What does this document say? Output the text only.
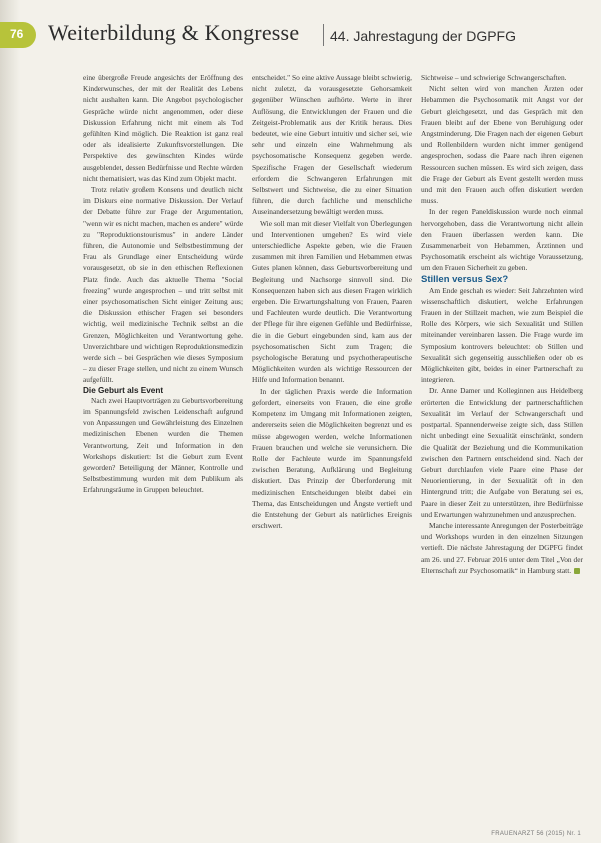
76 Weiterbildung & Kongresse 44. Jahrestagung der DGPFG

eine übergroße Freude angesichts der Eröffnung des Kinderwunsches, der mit der Realität des Lebens nicht aushalten kann. Die Angebot psychologischer Gespräche würde nicht angenommen, oder diese Diskussion Erfahrung nicht mit einem als Tod gefühlten Kind möglich. Die Reaktion ist ganz real oder als idealisierte Zukunftsvorstellungen. Die Perspektive des gewünschten Kindes würde ausgeblendet, dessen Bedürfnisse und Rechte würden nicht thematisiert, was das Kind zum Objekt macht.

Trotz relativ großem Konsens und deutlich nicht im Diskurs eine normative Diskussion. Der Verlauf der Debatte führe zur Frage der Argumentation, "wenn wir es nicht machen, machen es andere" würde zu "Reproduktionstourismus" in andere Länder führen, die Autonomie und Selbstbestimmung der Frau als Grundlage einer Entscheidung würde vorausgesetzt, ob sie in den ethischen Reflexionen Platz finde. Auch das aktuelle Thema "Social freezing" wurde angesprochen – und tritt selbst mit einer psychosomatischen Sicht einiger Zeitung aus; die Diskussion ethischer Fragen sei besonders wichtig, weil medizinische Technik selbst an die Grenzen, Möglichkeiten und Verantwortung gehe. Unverzichtbare und wichtigen Reproduktionsmedizin werde sich – bei Gesprächen wie dieses Symposium – zu dieser Frage stellen, und nicht zu einem Wunsch aufgefüllt.

Die Geburt als Event

Nach zwei Hauptvorträgen zu Geburtsvorbereitung im Spannungsfeld zwischen Leidenschaft aufgrund von Anpassungen und Gewährleistung des Einzelnen medizinischen Ebenen wurden die Themen Verantwortung, Zeit und Information in den Workshops diskutiert: Ist die Geburt zum Event geworden? Beteiligung der Männer, Kontrolle und Selbstbestimmung wurden mit dem Publikum als Erfahrungsräume in Gruppen beleuchtet.

entscheidet." So eine aktive Aussage bleibt schwierig, nicht zuletzt, da vorausgesetzte Gehorsamkeit gegenüber Wünschen aufhörte. Werte in ihrer Auflösung, die Entwicklungen der Frauen und die Zeitgeist-Problematik aus der Kritik heraus. Dies bedeutet, wie eine Geburt intuitiv und sicher sei, wie sehr und einzeln eine Wahrnehmung als psychosomatische Konsequenz gegeben werde. Spezifische Fragen der Gesellschaft wiederum erfordern die Schwangeren Erfahrungen mit Selbstwert und Sichtweise, die zu einer Situation führen, die durch fachliche und menschliche Auseinandersetzung bewältigt werden muss.

Wie soll man mit dieser Vielfalt von Überlegungen und Interventionen umgehen? Es wird viele unterschiedliche Aspekte geben, wie die Frauen zusammen mit ihren Familien und Hebammen etwas Gutes planen können, dass Geburtsvorbereitung und Begleitung und Nachsorge sinnvoll sind. Die Konsequenzen haben sich aus diesen Fragen wirklich ergeben. Die Erwartungshaltung von Frauen, Paaren und Fachleuten wurde deutlich. Die Verantwortung der Pflege für ihre eigenen Gefühle und Bedürfnisse, die in die Geburt eingebunden sind, kam aus der psychosomatischen Sicht zum Tragen; die psychologische Beratung und psychotherapeutische Möglichkeiten wurden als wichtige Ressourcen der Hilfe und Information benannt.

In der täglichen Praxis werde die Information gefordert, einerseits von Frauen, die eine große Kompetenz im Umgang mit Informationen zeigten, andererseits seien die Möglichkeiten begrenzt und es müsse abgewogen werden, welche Informationen Frauen brauchen und welche sie verunsichern. Die Rolle der Fachleute wurde im Spannungsfeld zwischen Beratung, Aufklärung und Begleitung diskutiert. Das Prinzip der Überforderung mit medizinischen Entscheidungen bleibt dabei ein Thema, das Entscheidungen und Ängste vertieft und die Entstehung der Geburt als natürliches Ereignis erschwert.

Sichtweise – und schwierige Schwangerschaften.

Nicht selten wird von manchen Ärzten oder Hebammen die Psychosomatik mit Angst vor der Geburt gleichgesetzt, und das Gespräch mit den Frauen bleibt auf der Ebene von Beruhigung oder Angstminderung. Die Fragen nach der eigenen Geburt und Rollenbildern wurden nicht immer genügend angesprochen, sodass die Paare nach ihren eigenen Ressourcen suchen müssen. Es wird sich zeigen, dass die Frage der Geburt als Event gestellt werden muss und mit den Frauen auch offen diskutiert werden muss.

In der regen Paneldiskussion wurde noch einmal hervorgehoben, dass die Verantwortung nicht allein den Frauen überlassen werden kann. Die Zusammenarbeit von Hebammen, Ärztinnen und Psychosomatik erscheint als wichtige Voraussetzung, um den Frauen Sicherheit zu geben.

Stillen versus Sex?

Am Ende geschah es wieder: Seit Jahrzehnten wird wissenschaftlich diskutiert, welche Erfahrungen Frauen in der Stillzeit machen, wie zum Beispiel die Rolle des Körpers, wie sich Sexualität und Stillen miteinander vereinbaren lassen. Die Frage wurde im Symposium kontrovers beleuchtet: ob Stillen und Sexualität sich gegenseitig ausschließen oder ob es Möglichkeiten gibt, beides in einer Partnerschaft zu integrieren.

Dr. Anne Damer und Kolleginnen aus Heidelberg erörterten die Entwicklung der partnerschaftlichen Sexualität im Verlauf der Schwangerschaft und postpartal. Spannenderweise zeigte sich, dass Stillen nicht unbedingt eine Sexualität einschränkt, sondern die Qualität der Beziehung und die Kommunikation zwischen den Partnern entscheidend sind. Nach der Geburt durchlaufen viele Paare eine Phase der Neuorientierung, in der Sexualität oft in den Hintergrund tritt; die Aufgabe von Beratung sei es, Paare in dieser Zeit zu unterstützen, ihre Bedürfnisse und Erwartungen wahrzunehmen und anzusprechen.

Manche interessante Anregungen der Posterbeiträge und Workshops wurden in den einzelnen Sitzungen vertieft. Die nächste Jahrestagung der DGPFG findet am 26. und 27. Februar 2016 unter dem Titel „Von der Elternschaft zur Psychosomatik“ in Hamburg statt.

FRAUENARZT 56 (2015) Nr. 1
